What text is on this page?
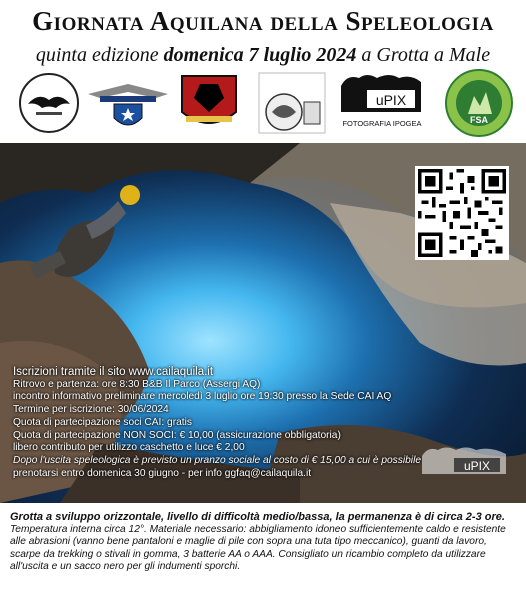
Giornata Aquilana della Speleologia
quinta edizione domenica 7 luglio 2024 a Grotta a Male
uPIX
FOTOGRAFIA IPOGEA	FSA
Iscrizioni tramite il sito www.cailaquila.it
Ritrovo e partenza: ore 8:30 B&B Il Parco (Assergi AQ)
incontro informativo preliminare mercoledì 3 luglio ore 19:30 presso la Sede CAI AQ
Termine per iscrizione: 30/06/2024
Quota di partecipazione soci CAI: gratis
Quota di partecipazione NON SOCI: € 10,00 (assicurazione obbligatoria)
libero contributo per utilizzo caschetto e luce € 2,00
Dopo l'uscita speleologica è previsto un pranzo sociale al costo di € 15,00 a cui è possibile
prenotarsi entro domenica 30 giugno - per info ggfaq@cailaquila.it
uPIX
Grotta a sviluppo orizzontale, livello di difficoltà medio/bassa, la permanenza è di circa 2-3 ore.
Temperatura interna circa 12°. Materiale necessario: abbigliamento idoneo sufficientemente caldo e resistente alle abrasioni (vanno bene pantaloni e maglie di pile con sopra una tuta tipo meccanico), guanti da lavoro, scarpe da trekking o stivali in gomma, 3 batterie AA o AAA. Consigliato un ricambio completo da utilizzare all'uscita e un sacco nero per gli indumenti sporchi.
